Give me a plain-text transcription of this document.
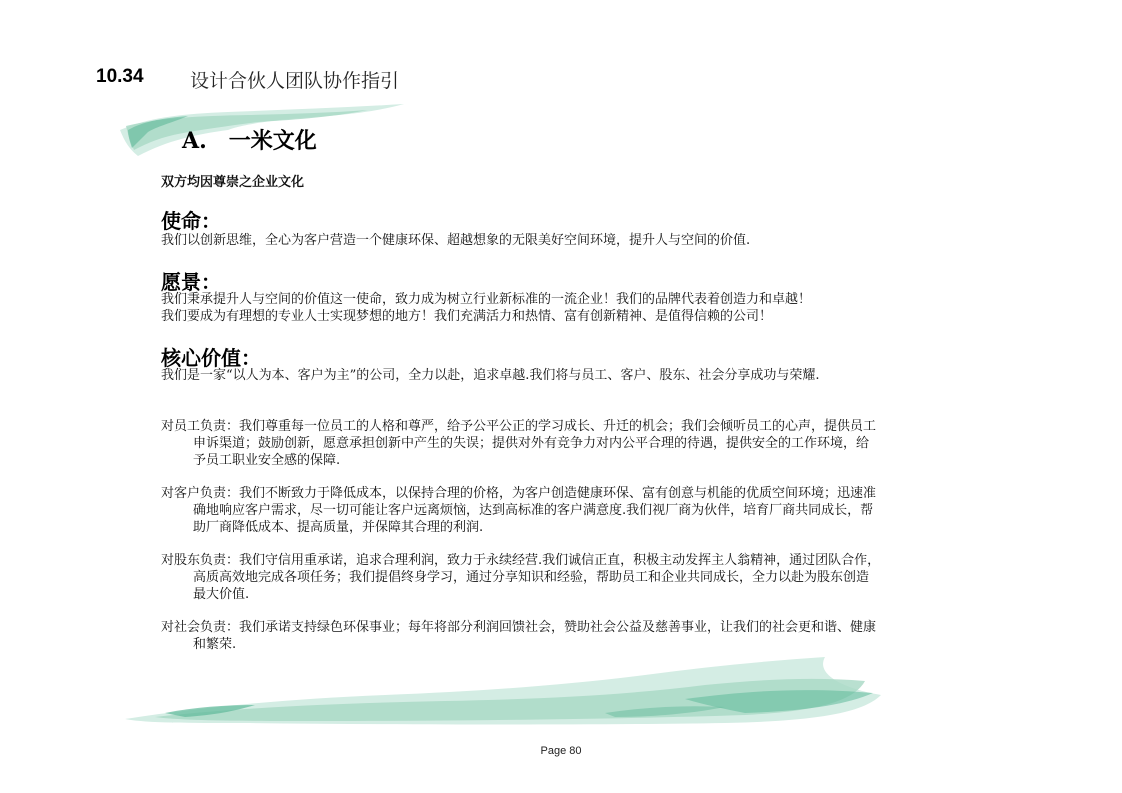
10.34 设计合伙人团队协作指引
A.　一米文化
双方均因尊崇之企业文化
使命：

我们以创新思维，全心为客户营造一个健康环保、超越想象的无限美好空间环境，提升人与空间的价值.

愿景：

我们秉承提升人与空间的价值这一使命，致力成为树立行业新标准的一流企业！我们的品牌代表着创造力和卓越！

我们要成为有理想的专业人士实现梦想的地方！我们充满活力和热情、富有创新精神、是值得信赖的公司！

核心价值：

我们是一家“以人为本、客户为主”的公司，全力以赴，追求卓越.我们将与员工、客户、股东、社会分享成功与荣耀.

对员工负责：我们尊重每一位员工的人格和尊严，给予公平公正的学习成长、升迁的机会；我们会倾听员工的心声，提供员工申诉渠道；鼓励创新，愿意承担创新中产生的失误；提供对外有竞争力对内公平合理的待遇，提供安全的工作环境，给予员工职业安全感的保障.

对客户负责：我们不断致力于降低成本，以保持合理的价格，为客户创造健康环保、富有创意与机能的优质空间环境；迅速准确地响应客户需求，尽一切可能让客户远离烦恼，达到高标准的客户满意度.我们视厂商为伙伴，培育厂商共同成长，帮助厂商降低成本、提高质量，并保障其合理的利润.

对股东负责：我们守信用重承诺，追求合理利润，致力于永续经营.我们诚信正直，积极主动发挥主人翁精神，通过团队合作，高质高效地完成各项任务；我们提倡终身学习，通过分享知识和经验，帮助员工和企业共同成长，全力以赴为股东创造最大价值.

对社会负责：我们承诺支持绿色环保事业；每年将部分利润回馈社会，赞助社会公益及慈善事业，让我们的社会更和谐、健康和繁荣.

Page 80
